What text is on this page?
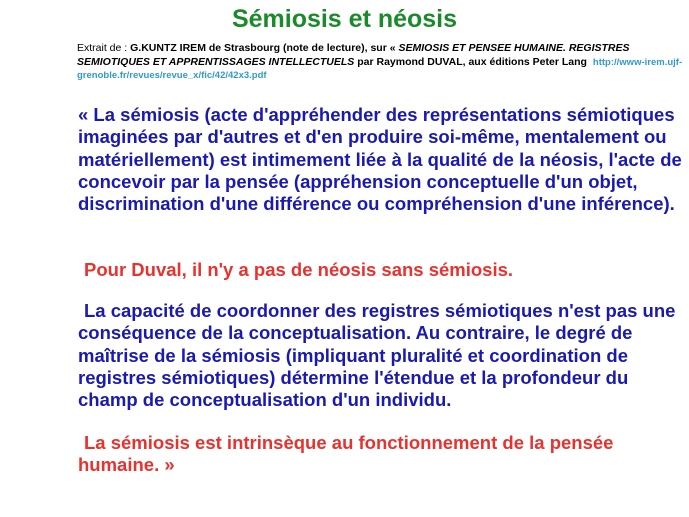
Sémiosis et néosis
Extrait de : G.KUNTZ IREM de Strasbourg (note de lecture), sur « SEMIOSIS ET PENSEE HUMAINE. REGISTRES SEMIOTIQUES ET APPRENTISSAGES INTELLECTUELS par Raymond DUVAL, aux éditions Peter Lang http://www-irem.ujf-grenoble.fr/revues/revue_x/fic/42/42x3.pdf
« La sémiosis (acte d'appréhender des représentations sémiotiques imaginées par d'autres et d'en produire soi-même, mentalement ou matériellement) est intimement liée à la qualité de la néosis, l'acte de concevoir par la pensée (appréhension conceptuelle d'un objet, discrimination d'une différence ou compréhension d'une inférence).
Pour Duval, il n'y a pas de néosis sans sémiosis.
La capacité de coordonner des registres sémiotiques n'est pas une conséquence de la conceptualisation. Au contraire, le degré de maîtrise de la sémiosis (impliquant pluralité et coordination de registres sémiotiques) détermine l'étendue et la profondeur du champ de conceptualisation d'un individu.
La sémiosis est intrinsèque au fonctionnement de la pensée humaine. »
